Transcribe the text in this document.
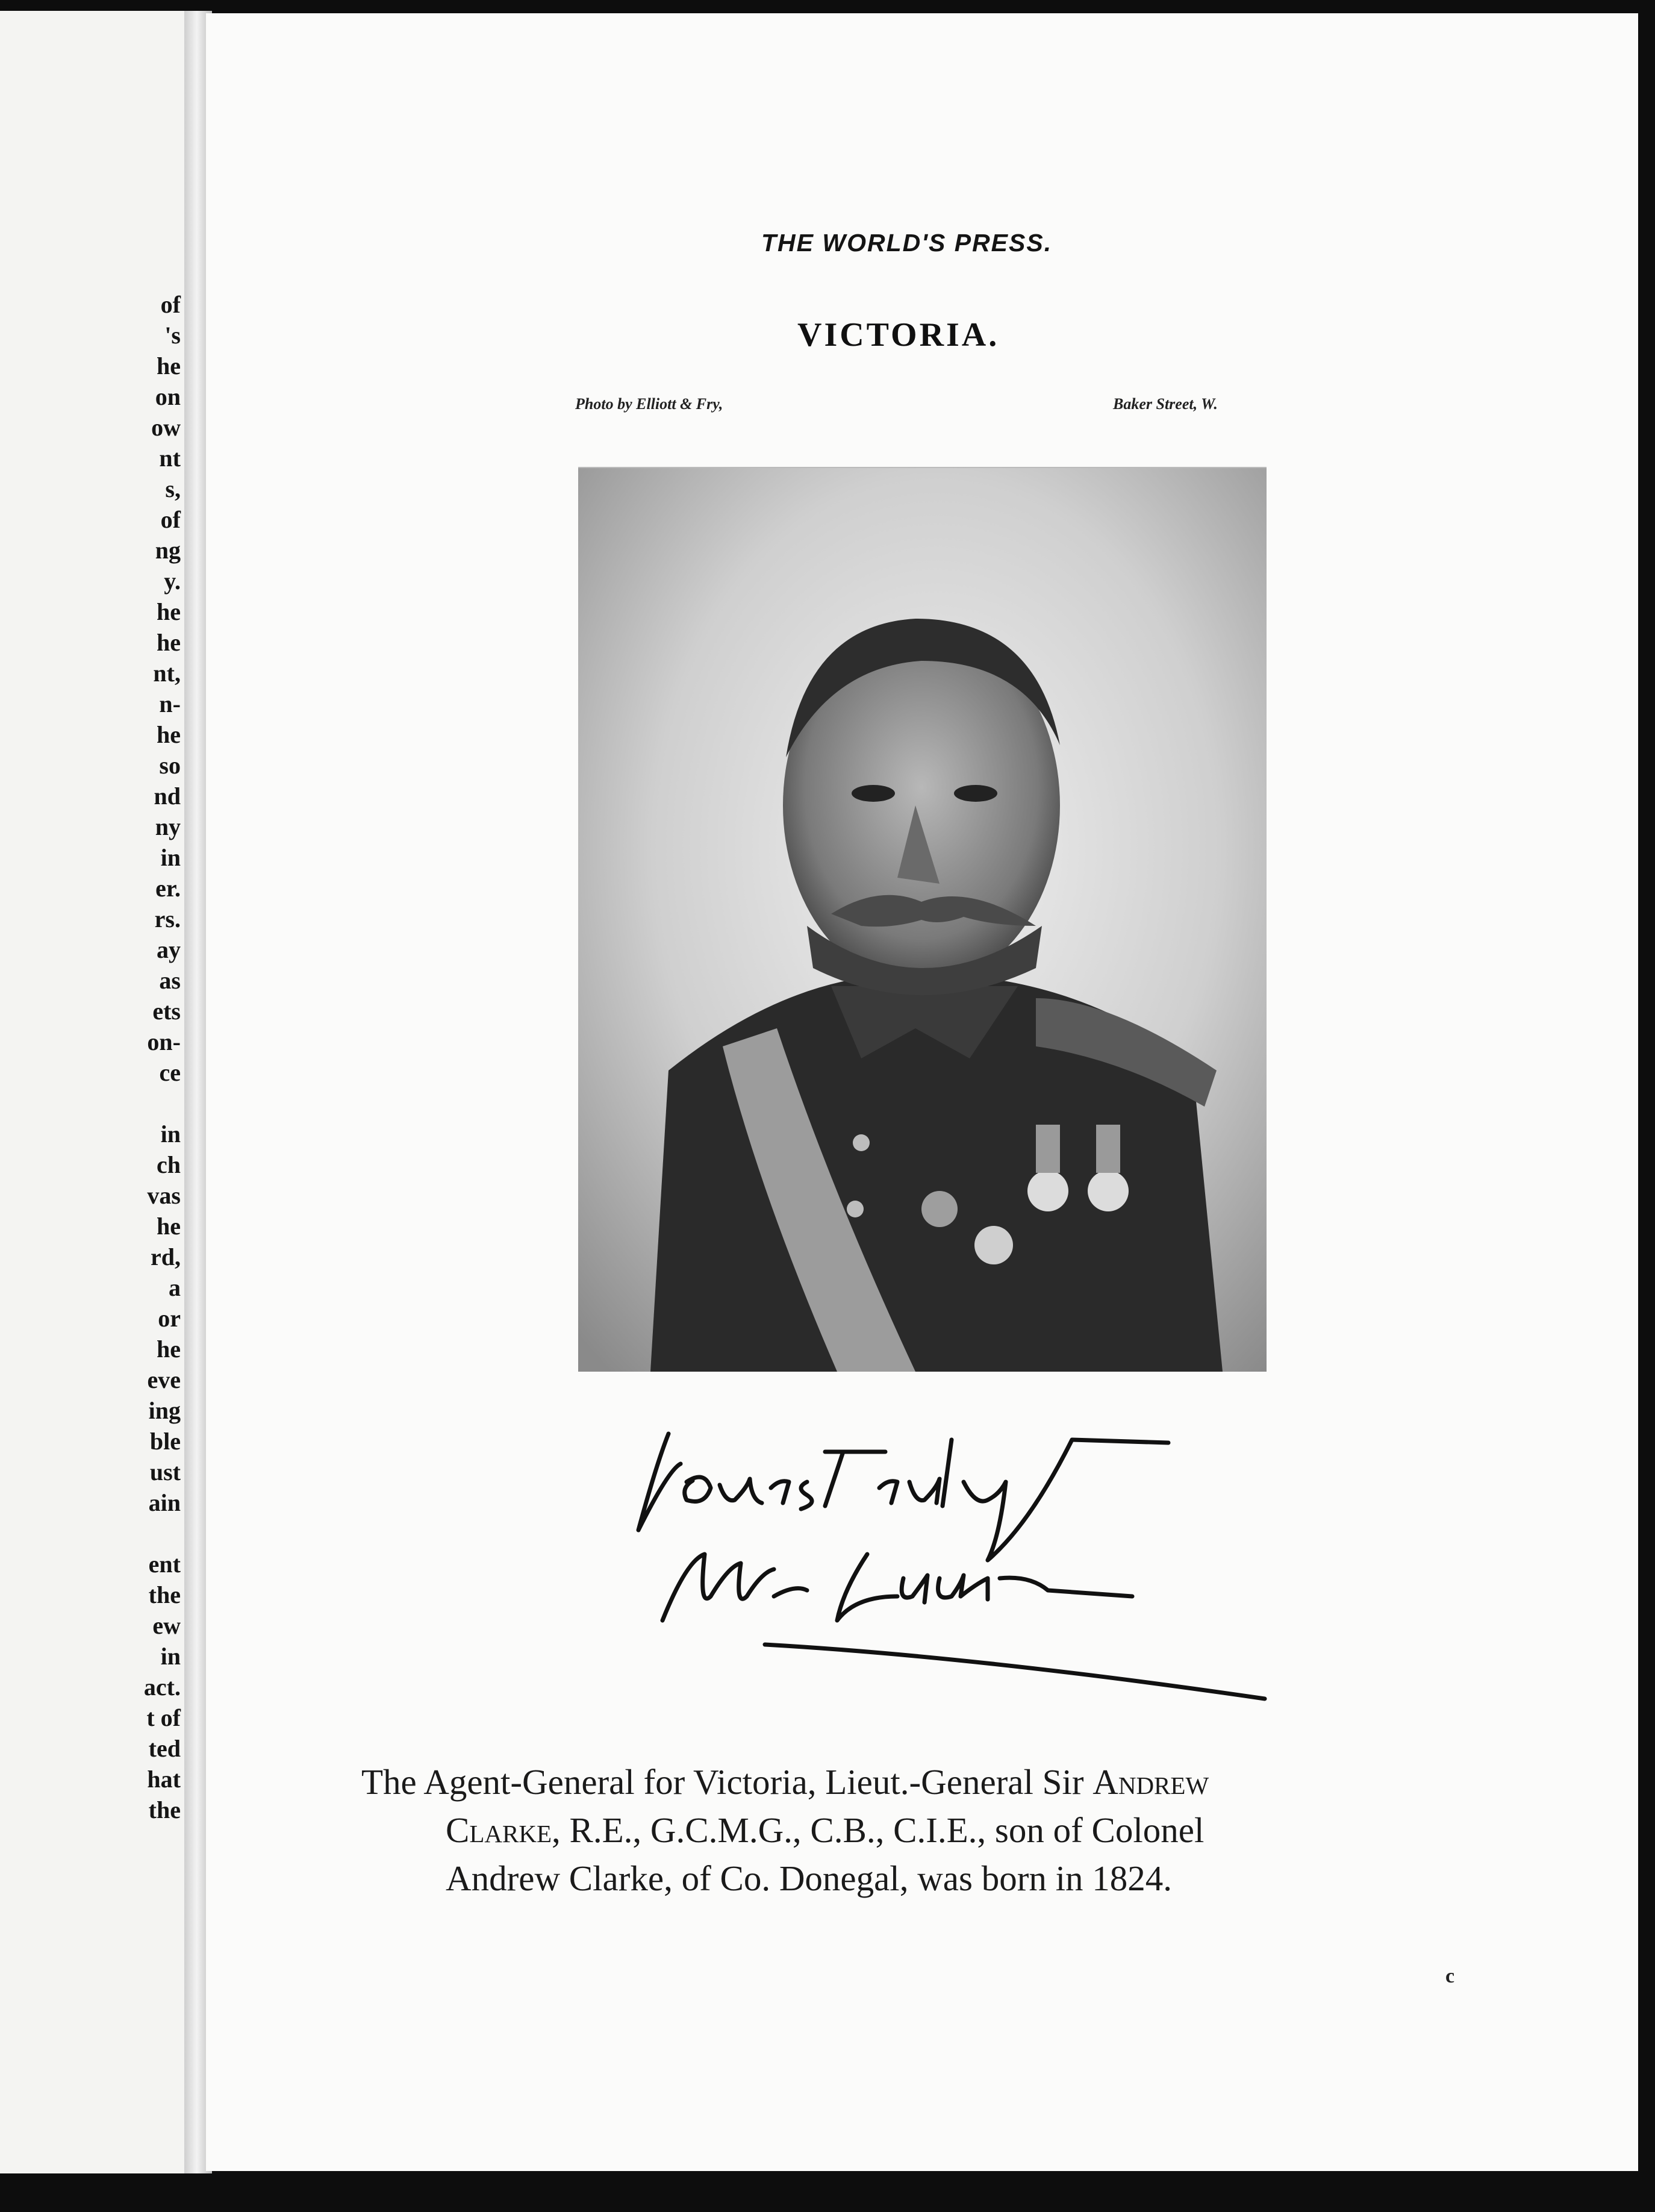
of
's
he
on
ow
nt
s,
of
ng
y.
he
he
nt,
n-
he
so
nd
ny
in
er.
rs.
ay
as
ets
on-
ce

in
ch
vas
he
rd,
a
or
he
eve
ing
ble
ust
ain

ent
the
ew
in
act.
t of
ted
hat
the
THE WORLD'S PRESS.
VICTORIA.
Photo by Elliott & Fry,	Baker Street, W.
The Agent-General for Victoria, Lieut.-General Sir Andrew
Clarke, R.E., G.C.M.G., C.B., C.I.E., son of Colonel
Andrew Clarke, of Co. Donegal, was born in 1824.
c
